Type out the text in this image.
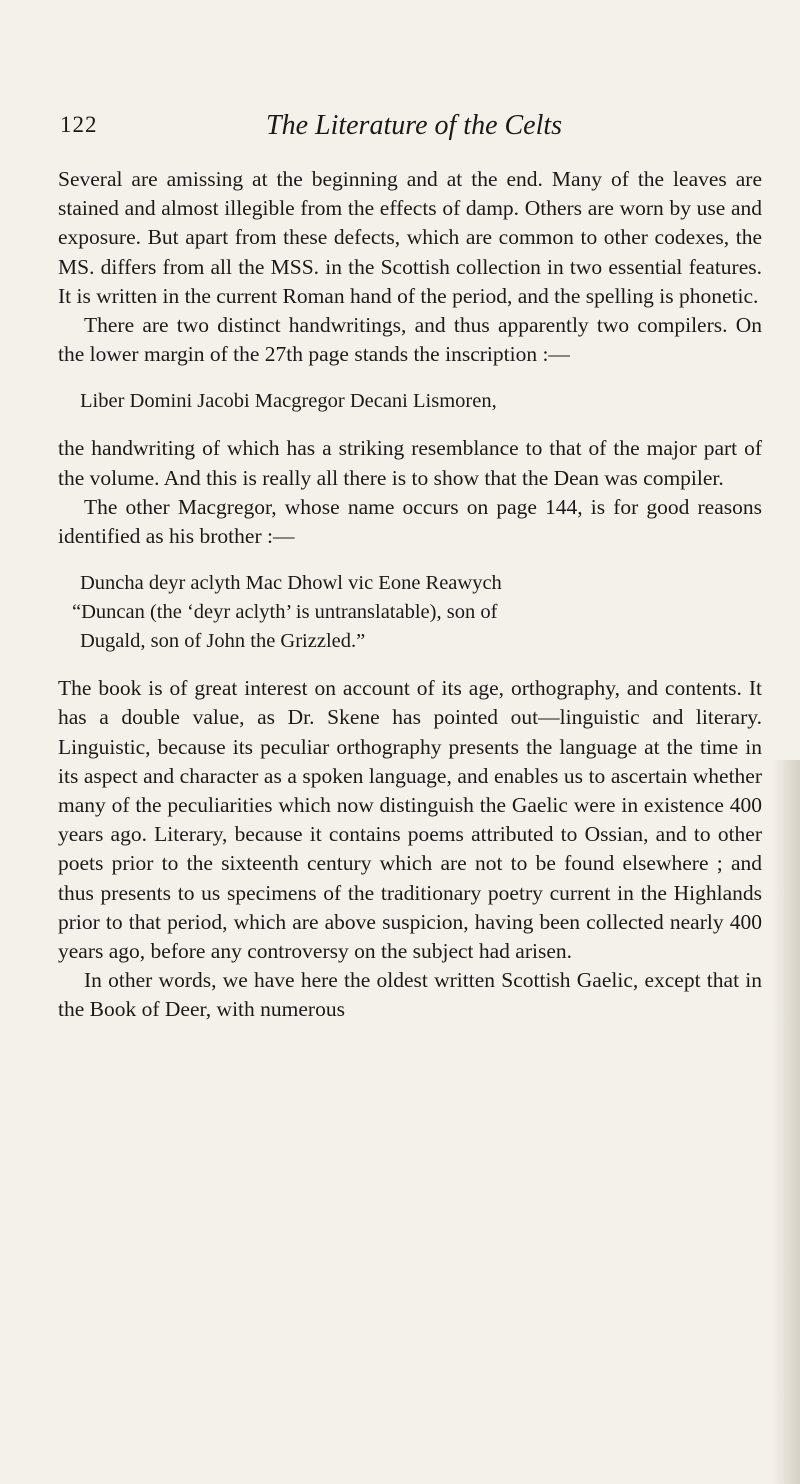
122	The Literature of the Celts

Several are amissing at the beginning and at the end. Many of the leaves are stained and almost illegible from the effects of damp. Others are worn by use and exposure. But apart from these defects, which are common to other codexes, the MS. differs from all the MSS. in the Scottish collection in two essential features. It is written in the current Roman hand of the period, and the spelling is phonetic.

There are two distinct handwritings, and thus apparently two compilers. On the lower margin of the 27th page stands the inscription :—

Liber Domini Jacobi Macgregor Decani Lismoren,

the handwriting of which has a striking resemblance to that of the major part of the volume. And this is really all there is to show that the Dean was compiler.

The other Macgregor, whose name occurs on page 144, is for good reasons identified as his brother :—

Duncha deyr aclyth Mac Dhowl vic Eone Reawych

“Duncan (the ‘deyr aclyth’ is untranslatable), son of

Dugald, son of John the Grizzled.”

The book is of great interest on account of its age, orthography, and contents. It has a double value, as Dr. Skene has pointed out—linguistic and literary. Linguistic, because its peculiar orthography presents the language at the time in its aspect and character as a spoken language, and enables us to ascertain whether many of the peculiarities which now distinguish the Gaelic were in existence 400 years ago. Literary, because it contains poems attributed to Ossian, and to other poets prior to the sixteenth century which are not to be found elsewhere ; and thus presents to us specimens of the traditionary poetry current in the Highlands prior to that period, which are above suspicion, having been collected nearly 400 years ago, before any controversy on the subject had arisen.

In other words, we have here the oldest written Scottish Gaelic, except that in the Book of Deer, with numerous
